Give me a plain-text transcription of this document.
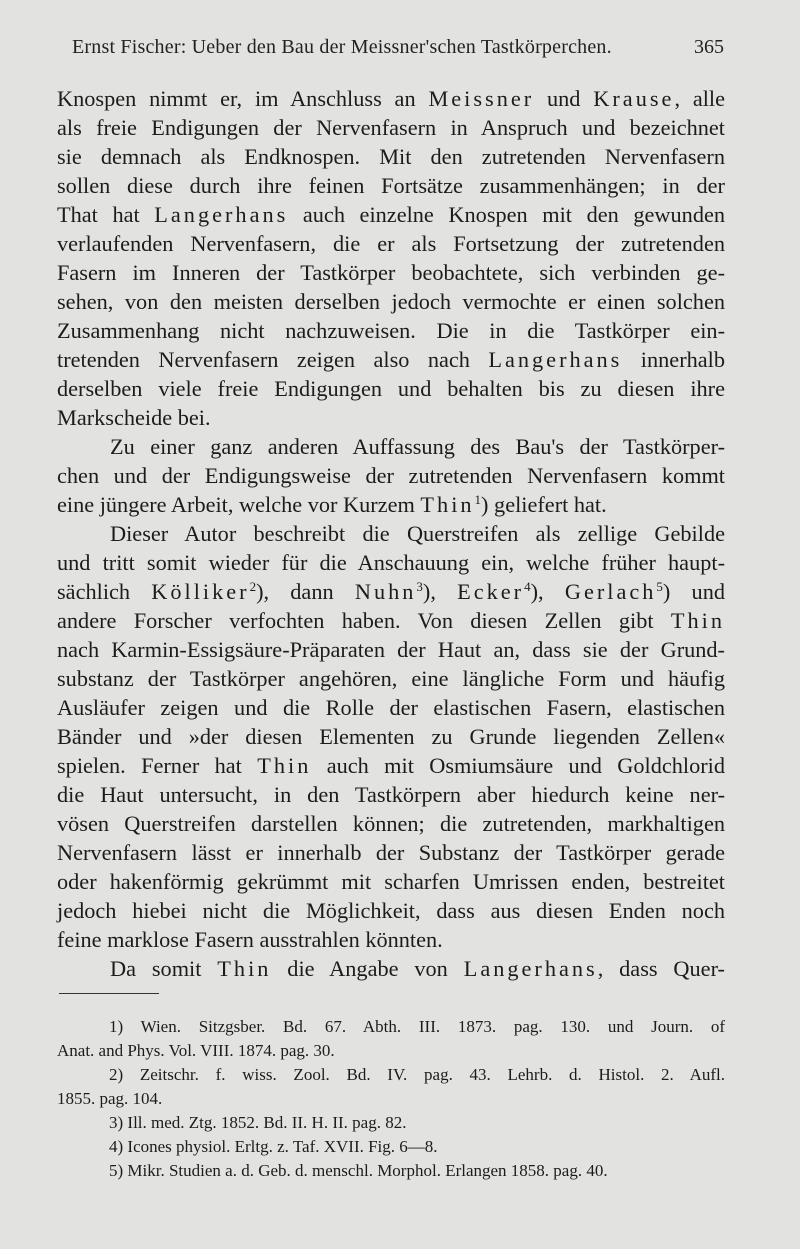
Ernst Fischer: Ueber den Bau der Meissner'schen Tastkörperchen.	365
Knospen nimmt er, im Anschluss an Meissner und Krause, alle
als freie Endigungen der Nervenfasern in Anspruch und bezeichnet
sie demnach als Endknospen. Mit den zutretenden Nervenfasern
sollen diese durch ihre feinen Fortsätze zusammenhängen; in der
That hat Langerhans auch einzelne Knospen mit den gewunden
verlaufenden Nervenfasern, die er als Fortsetzung der zutretenden
Fasern im Inneren der Tastkörper beobachtete, sich verbinden ge-
sehen, von den meisten derselben jedoch vermochte er einen solchen
Zusammenhang nicht nachzuweisen. Die in die Tastkörper ein-
tretenden Nervenfasern zeigen also nach Langerhans innerhalb
derselben viele freie Endigungen und behalten bis zu diesen ihre
Markscheide bei.
Zu einer ganz anderen Auffassung des Bau's der Tastkörper-
chen und der Endigungsweise der zutretenden Nervenfasern kommt
eine jüngere Arbeit, welche vor Kurzem Thin$^1$) geliefert hat.
Dieser Autor beschreibt die Querstreifen als zellige Gebilde
und tritt somit wieder für die Anschauung ein, welche früher haupt-
sächlich Kölliker$^2$), dann Nuhn$^3$), Ecker$^4$), Gerlach$^5$) und
andere Forscher verfochten haben. Von diesen Zellen gibt Thin
nach Karmin-Essigsäure-Präparaten der Haut an, dass sie der Grund-
substanz der Tastkörper angehören, eine längliche Form und häufig
Ausläufer zeigen und die Rolle der elastischen Fasern, elastischen
Bänder und »der diesen Elementen zu Grunde liegenden Zellen«
spielen. Ferner hat Thin auch mit Osmiumsäure und Goldchlorid
die Haut untersucht, in den Tastkörpern aber hiedurch keine ner-
vösen Querstreifen darstellen können; die zutretenden, markhaltigen
Nervenfasern lässt er innerhalb der Substanz der Tastkörper gerade
oder hakenförmig gekrümmt mit scharfen Umrissen enden, bestreitet
jedoch hiebei nicht die Möglichkeit, dass aus diesen Enden noch
feine marklose Fasern ausstrahlen könnten.
Da somit Thin die Angabe von Langerhans, dass Quer-
1) Wien. Sitzgsber. Bd. 67. Abth. III. 1873. pag. 130. und Journ. of
Anat. and Phys. Vol. VIII. 1874. pag. 30.
2) Zeitschr. f. wiss. Zool. Bd. IV. pag. 43. Lehrb. d. Histol. 2. Aufl.
1855. pag. 104.
3) Ill. med. Ztg. 1852. Bd. II. H. II. pag. 82.
4) Icones physiol. Erltg. z. Taf. XVII. Fig. 6—8.
5) Mikr. Studien a. d. Geb. d. menschl. Morphol. Erlangen 1858. pag. 40.
